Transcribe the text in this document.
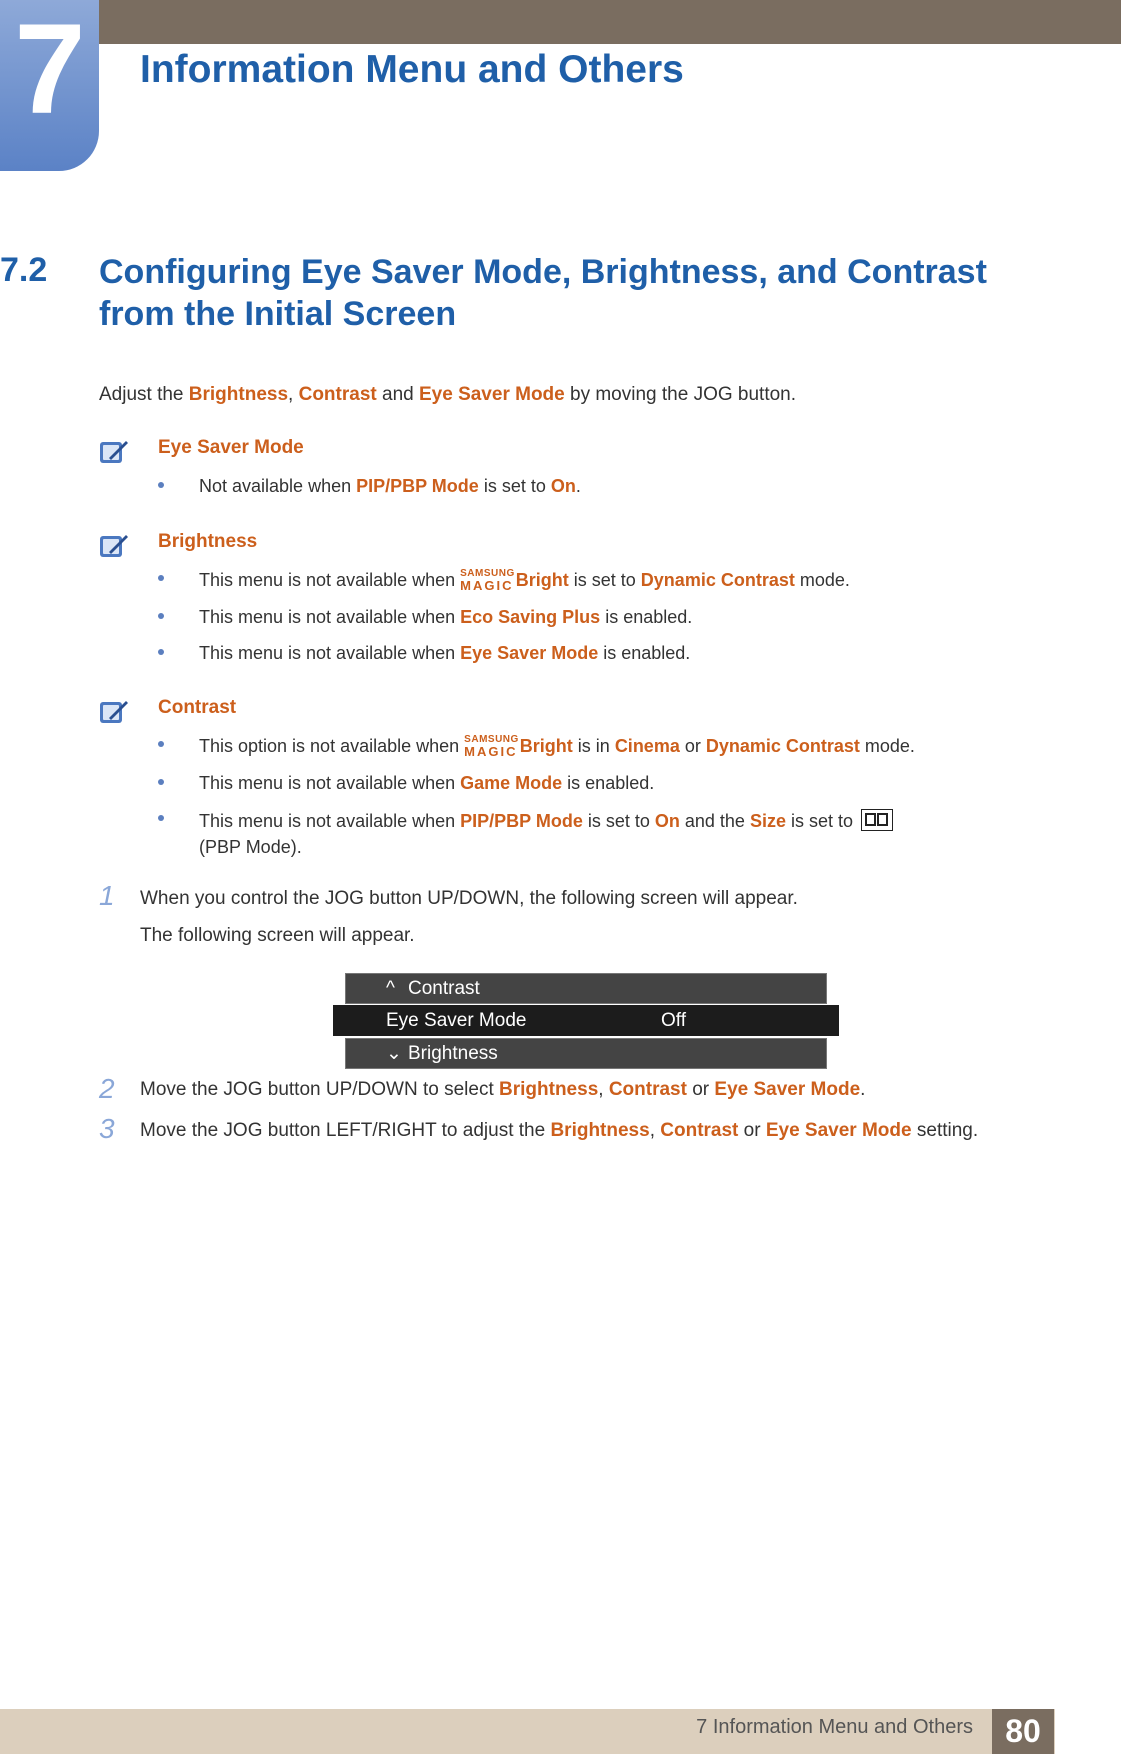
7 Information Menu and Others
7.2 Configuring Eye Saver Mode, Brightness, and Contrast from the Initial Screen
Adjust the Brightness, Contrast and Eye Saver Mode by moving the JOG button.
Eye Saver Mode
Not available when PIP/PBP Mode is set to On.
Brightness
This menu is not available when SAMSUNG
MAGIC Bright is set to Dynamic Contrast mode.
This menu is not available when Eco Saving Plus is enabled.
This menu is not available when Eye Saver Mode is enabled.
Contrast
This option is not available when SAMSUNG
MAGIC Bright is in Cinema or Dynamic Contrast mode.
This menu is not available when Game Mode is enabled.
This menu is not available when PIP/PBP Mode is set to On and the Size is set to

(PBP Mode).
1 When you control the JOG button UP/DOWN, the following screen will appear.
The following screen will appear.
^ Contrast
Eye Saver Mode	Off
⌄ Brightness
2 Move the JOG button UP/DOWN to select Brightness, Contrast or Eye Saver Mode.
3 Move the JOG button LEFT/RIGHT to adjust the Brightness, Contrast or Eye Saver Mode setting.
7 Information Menu and Others	80
